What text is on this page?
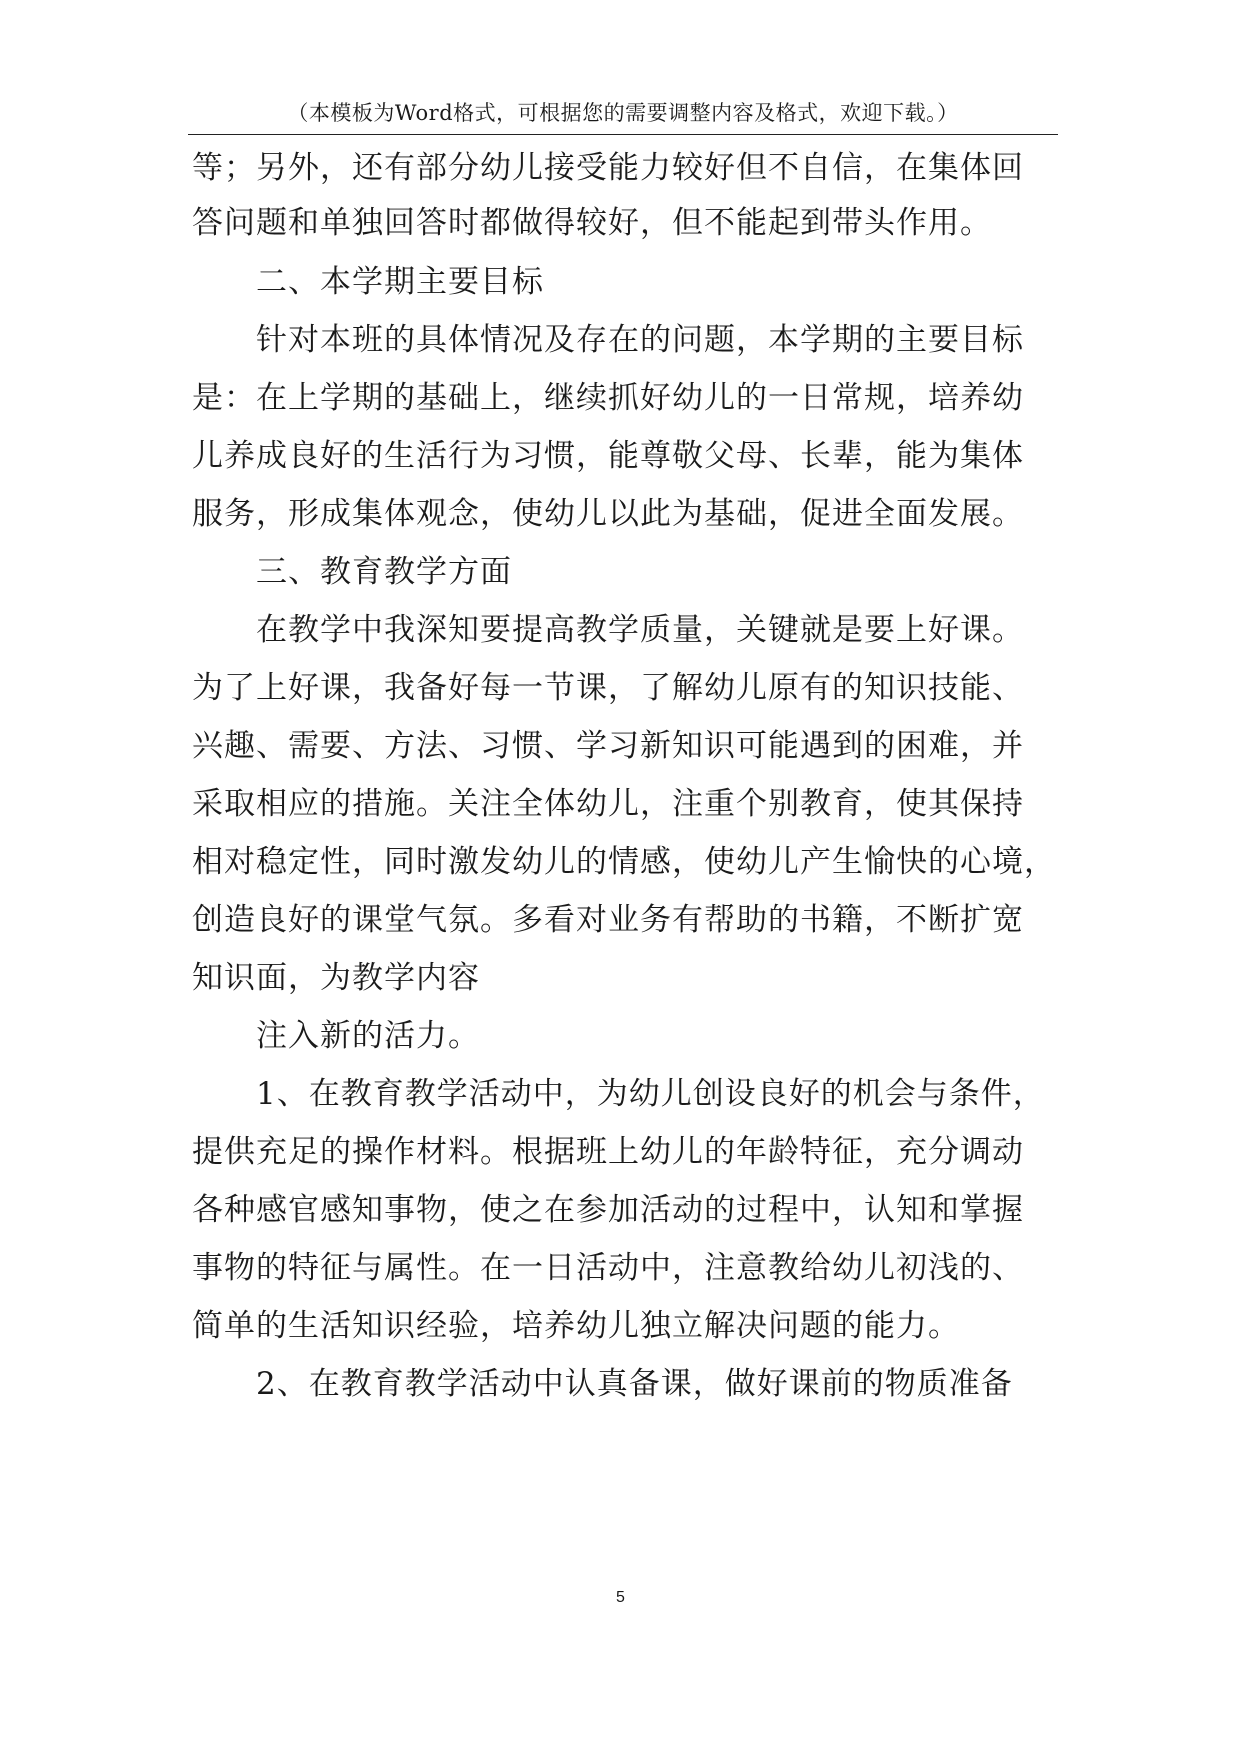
（本模板为Word格式，可根据您的需要调整内容及格式，欢迎下载。）
等；另外，还有部分幼儿接受能力较好但不自信，在集体回
答问题和单独回答时都做得较好，但不能起到带头作用。
二、本学期主要目标
针对本班的具体情况及存在的问题，本学期的主要目标
是：在上学期的基础上，继续抓好幼儿的一日常规，培养幼
儿养成良好的生活行为习惯，能尊敬父母、长辈，能为集体
服务，形成集体观念，使幼儿以此为基础，促进全面发展。
三、教育教学方面
在教学中我深知要提高教学质量，关键就是要上好课。
为了上好课，我备好每一节课，了解幼儿原有的知识技能、
兴趣、需要、方法、习惯、学习新知识可能遇到的困难，并
采取相应的措施。关注全体幼儿，注重个别教育，使其保持
相对稳定性，同时激发幼儿的情感，使幼儿产生愉快的心境，
创造良好的课堂气氛。多看对业务有帮助的书籍，不断扩宽
知识面，为教学内容
注入新的活力。
1、在教育教学活动中，为幼儿创设良好的机会与条件，
提供充足的操作材料。根据班上幼儿的年龄特征，充分调动
各种感官感知事物，使之在参加活动的过程中，认知和掌握
事物的特征与属性。在一日活动中，注意教给幼儿初浅的、
简单的生活知识经验，培养幼儿独立解决问题的能力。
2、在教育教学活动中认真备课，做好课前的物质准备
5
